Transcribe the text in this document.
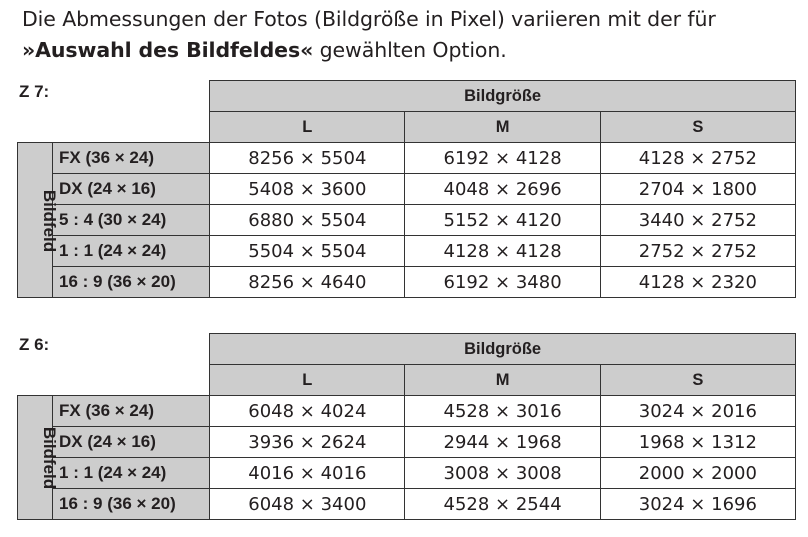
Die Abmessungen der Fotos (Bildgröße in Pixel) variieren mit der für
»Auswahl des Bildfeldes« gewählten Option.
		Bildgröße		
		L	M	S
Bildfeld	FX (36 × 24)	8256 × 5504	6192 × 4128	4128 × 2752
	DX (24 × 16)	5408 × 3600	4048 × 2696	2704 × 1800
	5 : 4 (30 × 24)	6880 × 5504	5152 × 4120	3440 × 2752
	1 : 1 (24 × 24)	5504 × 5504	4128 × 4128	2752 × 2752
	16 : 9 (36 × 20)	8256 × 4640	6192 × 3480	4128 × 2320
Z 7:
		Bildgröße		
		L	M	S
Bildfeld	FX (36 × 24)	6048 × 4024	4528 × 3016	3024 × 2016
	DX (24 × 16)	3936 × 2624	2944 × 1968	1968 × 1312
	1 : 1 (24 × 24)	4016 × 4016	3008 × 3008	2000 × 2000
	16 : 9 (36 × 20)	6048 × 3400	4528 × 2544	3024 × 1696
Z 6:
